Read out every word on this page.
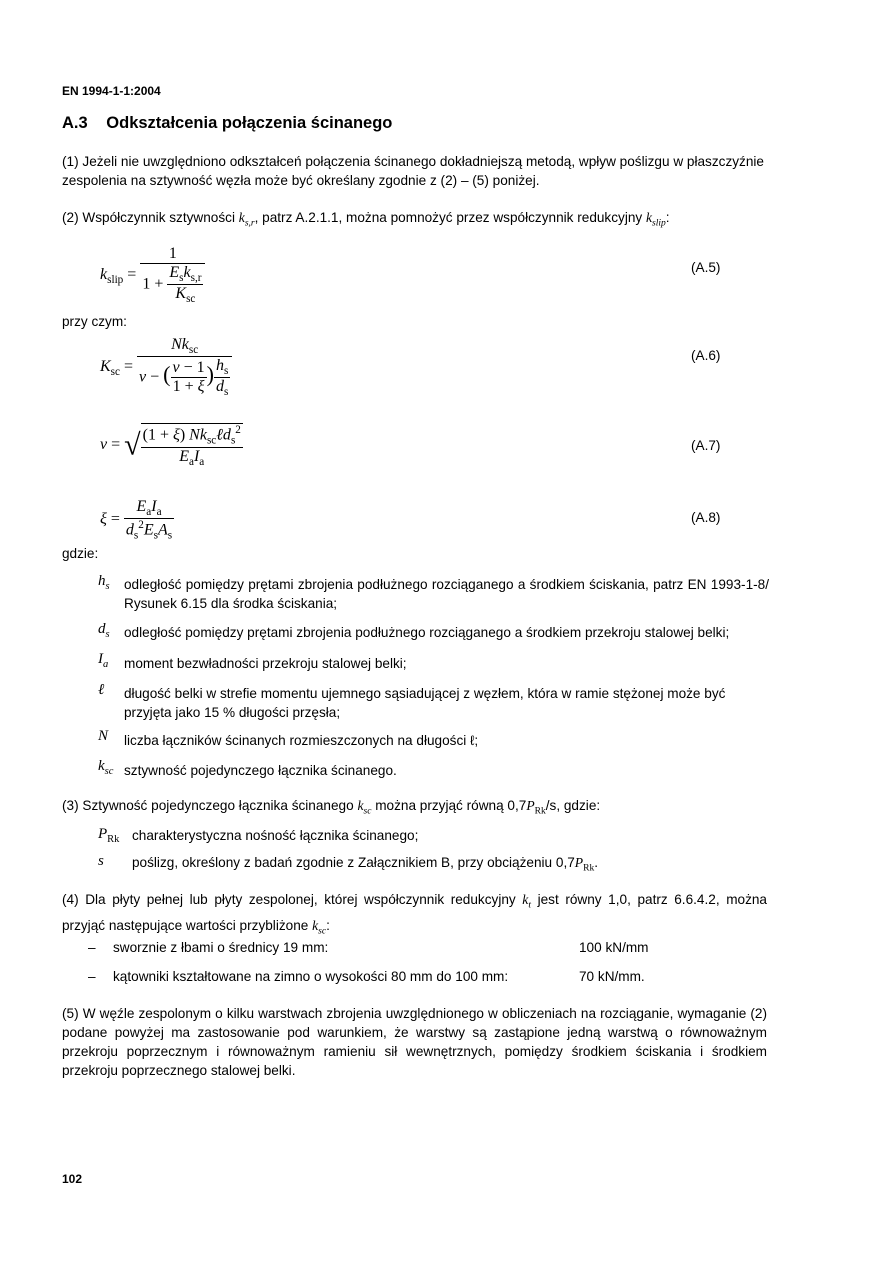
EN 1994-1-1:2004
A.3 Odkształcenia połączenia ścinanego
(1) Jeżeli nie uwzględniono odkształceń połączenia ścinanego dokładniejszą metodą, wpływ poślizgu w płaszczyźnie zespolenia na sztywność węzła może być określany zgodnie z (2) – (5) poniżej.
(2) Współczynnik sztywności $k_{s,r}$, patrz A.2.1.1, można pomnożyć przez współczynnik redukcyjny $k_{slip}$:
$k_{slip} = \frac{1}{1 + \frac{E_sk_{s,r}}{K_{sc}}}$	(A.5)
przy czym:
$K_{sc} = \frac{Nk_{sc}}{\nu - ( \frac{\nu - 1}{1 + \xi} ) \frac{h_s}{d_s}}$	(A.6)
ν = √ $\frac{(1 + \xi) Nk_{sc}\ell d_s^2}{E_aI_a}$	(A.7)
$\xi = \frac{E_aI_a}{d_s^2E_sA_s}$	(A.8)
gdzie:
$h_s$ odległość pomiędzy prętami zbrojenia podłużnego rozciąganego a środkiem ściskania, patrz EN 1993-1-8/ Rysunek 6.15 dla środka ściskania;
$d_s$ odległość pomiędzy prętami zbrojenia podłużnego rozciąganego a środkiem przekroju stalowej belki;
$I_a$ moment bezwładności przekroju stalowej belki;
ℓ długość belki w strefie momentu ujemnego sąsiadującej z węzłem, która w ramie stężonej może być przyjęta jako 15 % długości przęsła;
N liczba łączników ścinanych rozmieszczonych na długości ℓ;
$k_{sc}$ sztywność pojedynczego łącznika ścinanego.
(3) Sztywność pojedynczego łącznika ścinanego $k_{sc}$ można przyjąć równą $0,7P_{Rk}/s$, gdzie:
$P_{Rk}$ charakterystyczna nośność łącznika ścinanego;
s poślizg, określony z badań zgodnie z Załącznikiem B, przy obciążeniu $0,7P_{Rk}$.
(4) Dla płyty pełnej lub płyty zespolonej, której współczynnik redukcyjny $k_t$ jest równy 1,0, patrz 6.6.4.2, można przyjąć następujące wartości przybliżone $k_{sc}$:
– sworznie z łbami o średnicy 19 mm:	100 kN/mm
– kątowniki kształtowane na zimno o wysokości 80 mm do 100 mm:	70 kN/mm.
(5) W węźle zespolonym o kilku warstwach zbrojenia uwzględnionego w obliczeniach na rozciąganie, wymaganie (2) podane powyżej ma zastosowanie pod warunkiem, że warstwy są zastąpione jedną warstwą o równoważnym przekroju poprzecznym i równoważnym ramieniu sił wewnętrznych, pomiędzy środkiem ściskania i środkiem przekroju poprzecznego stalowej belki.
102
